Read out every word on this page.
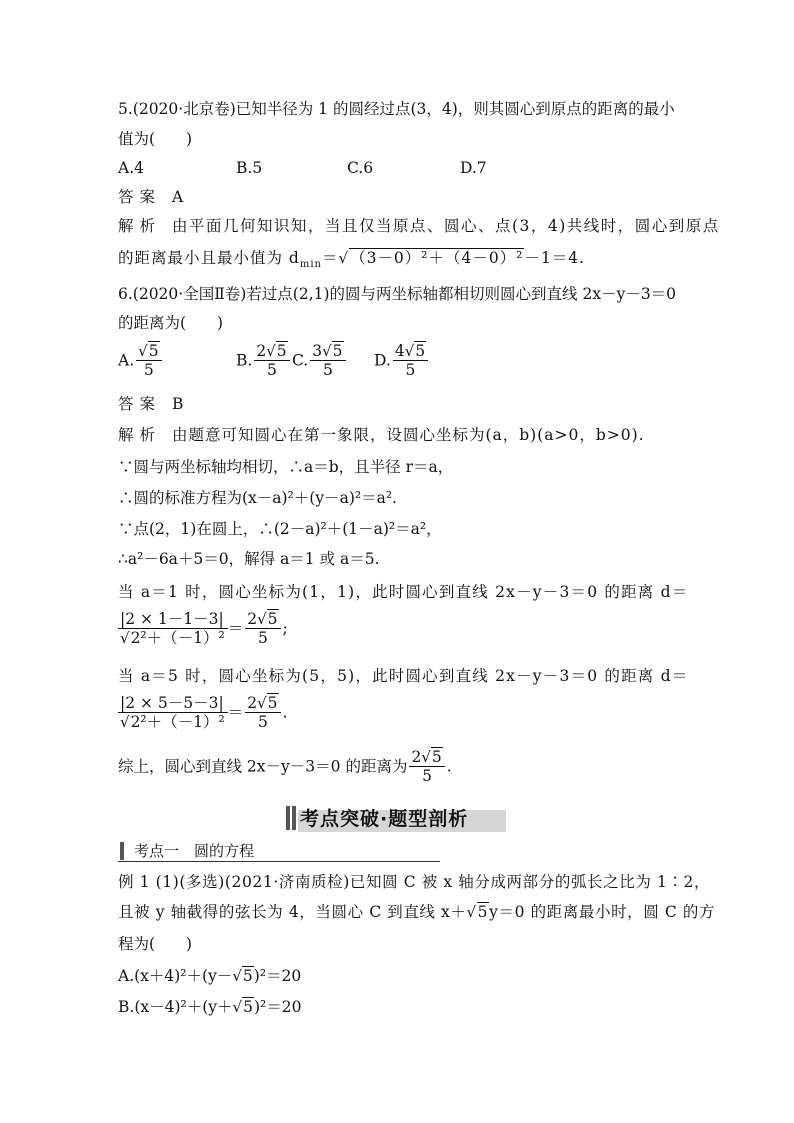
5.(2020·北京卷)已知半径为 1 的圆经过点(3，4)，则其圆心到原点的距离的最小
值为(　　)
A.4	B.5	C.6	D.7
答案 A
解析 由平面几何知识知，当且仅当原点、圆心、点(3，4)共线时，圆心到原点
的距离最小且最小值为 $d_{min}=√(3-0)^2+(4-0)^2-1=4$.
6.(2020·全国Ⅱ卷)若过点(2,1)的圆与两坐标轴都相切则圆心到直线 2x－y－3＝0
的距离为(　　)
A. $\frac{√5}{5}$	B. $\frac{2√5}{5} C$. $\frac{3√5}{5} D$. $\frac{4√5}{5}$
答案 B
解析 由题意可知圆心在第一象限，设圆心坐标为(a，b)(a>0，b>0).
∵圆与两坐标轴均相切，∴a＝b，且半径 r＝a，
∴圆的标准方程为(x－a)²＋(y－a)²＝a².
∵点(2，1)在圆上，∴(2－a)²＋(1－a)²＝a²，
∴a²－6a＋5＝0，解得 a＝1 或 a＝5.
当 a＝1 时，圆心坐标为(1，1)，此时圆心到直线 2x－y－3＝0 的距离 d＝
$\frac{|2 \times 1-1-3|}{\text{√2²＋（－1）²}} = \frac{2√5}{5}$ ;
当 a＝5 时，圆心坐标为(5，5)，此时圆心到直线 2x－y－3＝0 的距离 d＝
$\frac{|2 \times 5-5-3|}{\text{√2²＋（－1）²}} = \frac{2√5}{5}$ .
综上，圆心到直线 2x－y－3＝0 的距离为 $\frac{2√5}{5}$ .
考点突破·题型剖析
考点一　圆的方程
例 1 (1)(多选)(2021·济南质检)已知圆 C 被 x 轴分成两部分的弧长之比为 1∶2，
且被 y 轴截得的弦长为 4，当圆心 C 到直线 x＋√5y＝0 的距离最小时，圆 C 的方
程为(　　)
A.(x＋4)²＋(y－√5)²＝20
B.(x－4)²＋(y＋√5)²＝20
